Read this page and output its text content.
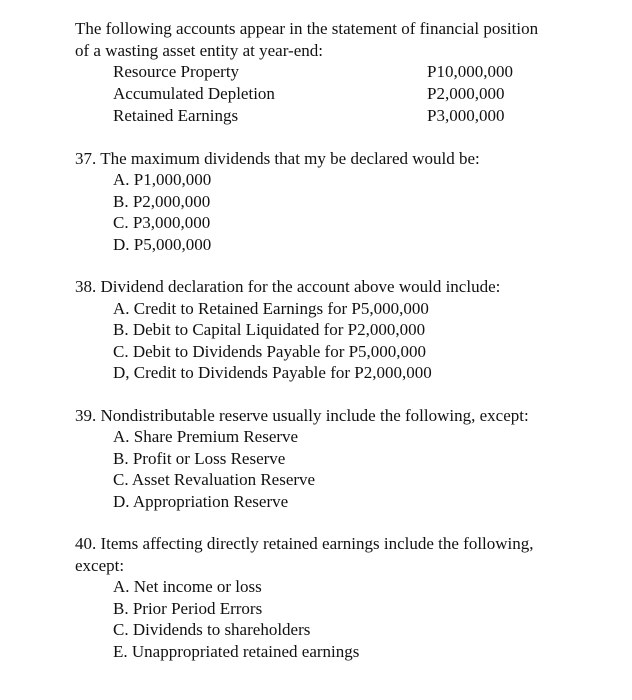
The following accounts appear in the statement of financial position
of a wasting asset entity at year-end:
Resource Property	P10,000,000
Accumulated Depletion	P2,000,000
Retained Earnings	P3,000,000
37. The maximum dividends that my be declared would be:
A. P1,000,000
B. P2,000,000
C. P3,000,000
D. P5,000,000
38. Dividend declaration for the account above would include:
A. Credit to Retained Earnings for P5,000,000
B. Debit to Capital Liquidated for P2,000,000
C. Debit to Dividends Payable for P5,000,000
D, Credit to Dividends Payable for P2,000,000
39. Nondistributable reserve usually include the following, except:
A. Share Premium Reserve
B. Profit or Loss Reserve
C. Asset Revaluation Reserve
D. Appropriation Reserve
40. Items affecting directly retained earnings include the following,
except:
A. Net income or loss
B. Prior Period Errors
C. Dividends to shareholders
E. Unappropriated retained earnings
